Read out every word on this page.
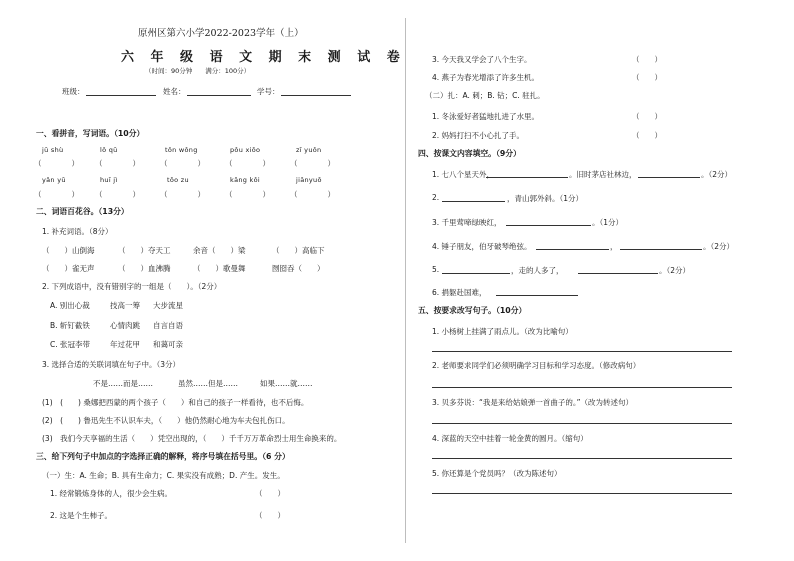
原州区第六小学2022-2023学年（上）
六 年 级 语 文 期 末 测 试 卷
（时间：90分钟　　满分：100分）
班级：	姓名：	学号：
一、看拼音，写词语。（10分）
jū shù	lǒ qū	tǒn wǒng	pǒu xiōo	zī yuǒn
（　　　　） （　　　　）	（　　　　）	（　　　　）	（　　　　）
yǎn yū	huī jì	tōo zu	kāng kǒi	jiānyuō
（　　　　） （　　　　）	（　　　　）	（　　　　）	（　　　　）
二、词语百花谷。（13分）
1. 补充词语。（8分）
（　　）山倒海	（　　）夺天工	余音（　　）梁	（　　）高临下
（　　）雀无声	（　　）血沸腾	（　　）歌曼舞	囫囵吞（　　）
2. 下列成语中，没有错别字的一组是（　　）。（2分）
A. 别出心裁	技高一筹 大步流星
B. 斩钉截铁	心情肉跳 自言自语
C. 张冠李带	年过花甲 和蔼可亲
3. 选择合适的关联词填在句子中。（3分）
不是……而是……	虽然……但是……	如果……就……
(1)　(　　) 桑娜把西蒙的两个孩子（　　）和自己的孩子一样看待，也不后悔。
(2)　(　　) 鲁迅先生不认识车夫，（　　）他仍然耐心地为车夫包扎伤口。
(3)　我们今天享福的生活（　　）凭空出现的，（　　）千千万万革命烈士用生命换来的。
三、给下列句子中加点的字选择正确的解释，将序号填在括号里。（6 分）
（一）生：A. 生命；B. 具有生命力；C. 果实没有成熟；D. 产生。发生。
1. 经常锻炼身体的人，很少会生病。	（　　）
2. 这是个生柿子。	（　　）
3. 今天我又学会了八个生字。	（　　）
4. 燕子为春光增添了许多生机。	（　　）
（二）扎：A. 刺；B. 钻；C. 驻扎。
1. 冬泳爱好者猛地扎进了水里。	（　　）
2. 妈妈打扫不小心扎了手。	（　　）
四、按课文内容填空。（9分）
1. 七八个星天外，	。旧时茅店社林边，	。（2分）
2.	，青山郭外斜。（1分）
3. 千里莺啼绿映红，	。（1分）
4. 锤子朋友，伯牙破琴绝弦。	，	。（2分）
5.	，走的人多了，	。（2分）
6. 捐躯赴国难，
五、按要求改写句子。（10分）
1. 小杨树上挂满了雨点儿。（改为比喻句）
2. 老师要求同学们必须明确学习目标和学习态度。（修改病句）
3. 贝多芬说：“我是来给姑娘弹一首曲子的。”（改为转述句）
4. 深蓝的天空中挂着一轮金黄的圆月。（缩句）
5. 你还算是个党员吗？（改为陈述句）
